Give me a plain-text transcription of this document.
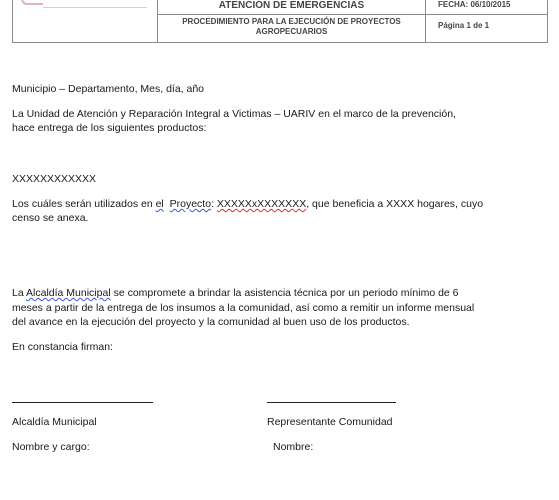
ATENCIÓN DE EMERGENCIAS
PROCEDIMIENTO PARA LA EJECUCIÓN DE PROYECTOS AGROPECUARIOS
FECHA: 06/10/2015
Página 1 de 1

Municipio – Departamento, Mes, día, año

La Unidad de Atención y Reparación Integral a Victimas – UARIV en el marco de la prevención,

hace entrega de los siguientes productos:

XXXXXXXXXXXX

Los cuáles serán utilizados en el Proyecto: XXXXXxXXXXXXX, que beneficia a XXXX hogares, cuyo

censo se anexa.

La Alcaldía Municipal se compromete a brindar la asistencia técnica por un periodo mínimo de 6

meses a partir de la entrega de los insumos a la comunidad, así como a remitir un informe mensual

del avance en la ejecución del proyecto y la comunidad al buen uso de los productos.

En constancia firman:

Alcaldía Municipal
Nombre y cargo:
Representante Comunidad
Nombre:
